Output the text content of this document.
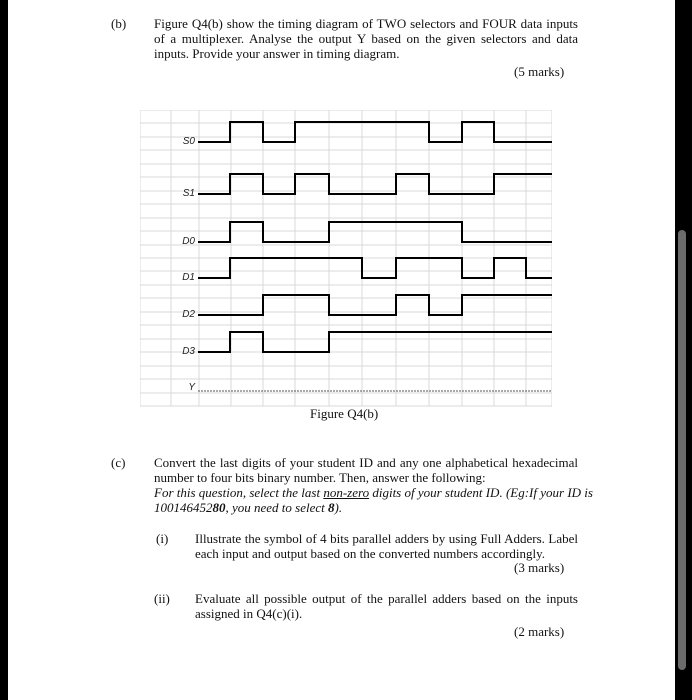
(b) Figure Q4(b) show the timing diagram of TWO selectors and FOUR data inputs
of a multiplexer. Analyse the output Y based on the given selectors and data
inputs. Provide your answer in timing diagram.
(5 marks)
S0
S1
D0
D1
D2
D3
Y
Figure Q4(b)
(c) Convert the last digits of your student ID and any one alphabetical hexadecimal
number to four bits binary number. Then, answer the following:
For this question, select the last non-zero digits of your student ID. (Eg:If your ID is
10014645280, you need to select 8).
(i) Illustrate the symbol of 4 bits parallel adders by using Full Adders. Label
each input and output based on the converted numbers accordingly.
(3 marks)
(ii) Evaluate all possible output of the parallel adders based on the inputs
assigned in Q4(c)(i).
(2 marks)
